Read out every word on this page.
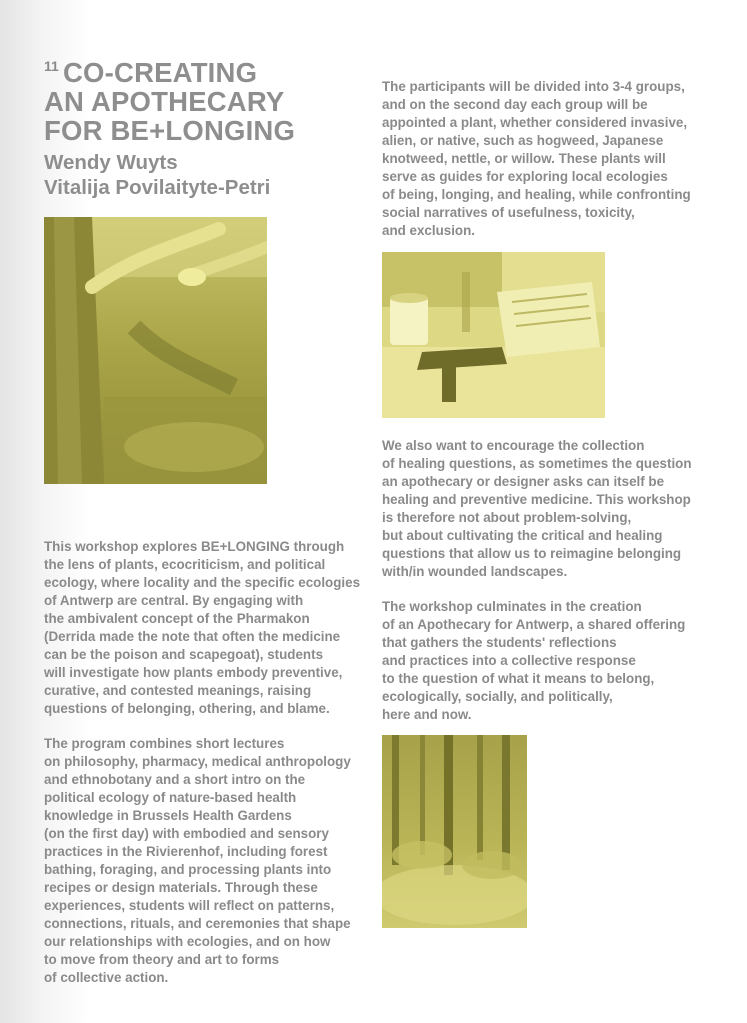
11 CO-CREATING
AN APOTHECARY
FOR BE+LONGING
Wendy Wuyts
Vitalija Povilaityte-Petri

This workshop explores BE+LONGING through
the lens of plants, ecocriticism, and political
ecology, where locality and the specific ecologies
of Antwerp are central. By engaging with
the ambivalent concept of the Pharmakon
(Derrida made the note that often the medicine
can be the poison and scapegoat), students
will investigate how plants embody preventive,
curative, and contested meanings, raising
questions of belonging, othering, and blame.

The program combines short lectures
on philosophy, pharmacy, medical anthropology
and ethnobotany and a short intro on the
political ecology of nature-based health
knowledge in Brussels Health Gardens
(on the first day) with embodied and sensory
practices in the Rivierenhof, including forest
bathing, foraging, and processing plants into
recipes or design materials. Through these
experiences, students will reflect on patterns,
connections, rituals, and ceremonies that shape
our relationships with ecologies, and on how
to move from theory and art to forms
of collective action.

The participants will be divided into 3-4 groups,
and on the second day each group will be
appointed a plant, whether considered invasive,
alien, or native, such as hogweed, Japanese
knotweed, nettle, or willow. These plants will
serve as guides for exploring local ecologies
of being, longing, and healing, while confronting
social narratives of usefulness, toxicity,
and exclusion.

We also want to encourage the collection
of healing questions, as sometimes the question
an apothecary or designer asks can itself be
healing and preventive medicine. This workshop
is therefore not about problem-solving,
but about cultivating the critical and healing
questions that allow us to reimagine belonging
with/in wounded landscapes.

The workshop culminates in the creation
of an Apothecary for Antwerp, a shared offering
that gathers the students' reflections
and practices into a collective response
to the question of what it means to belong,
ecologically, socially, and politically,
here and now.
